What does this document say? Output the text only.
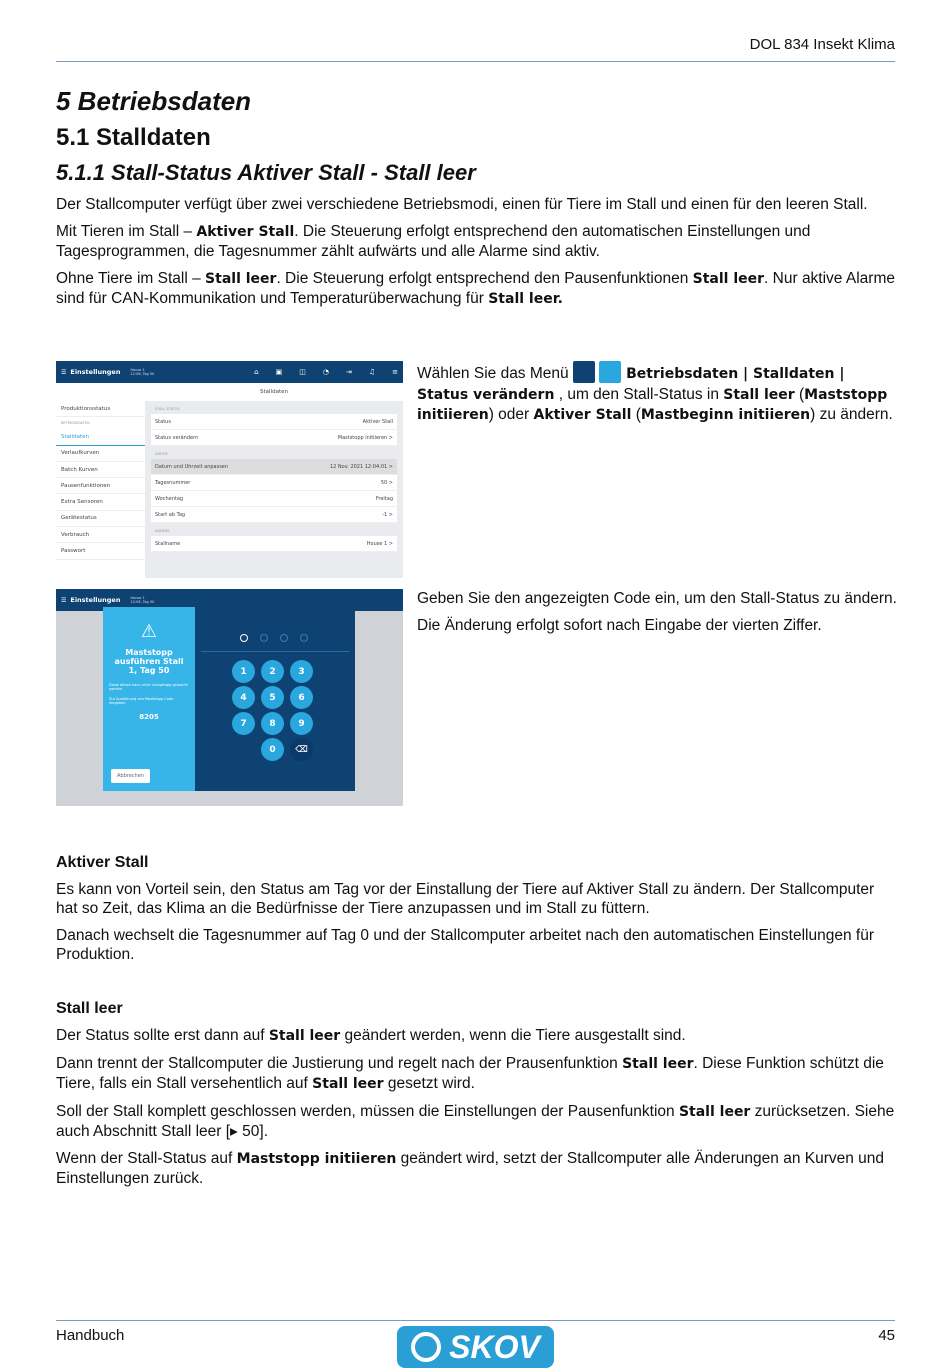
DOL 834 Insekt Klima
5 Betriebsdaten
5.1 Stalldaten
5.1.1 Stall-Status Aktiver Stall - Stall leer

Der Stallcomputer verfügt über zwei verschiedene Betriebsmodi, einen für Tiere im Stall und einen für den leeren Stall.

Mit Tieren im Stall – Aktiver Stall. Die Steuerung erfolgt entsprechend den automatischen Einstellungen und Tagesprogrammen, die Tagesnummer zählt aufwärts und alle Alarme sind aktiv.

Ohne Tiere im Stall – Stall leer. Die Steuerung erfolgt entsprechend den Pausenfunktionen Stall leer. Nur aktive Alarme sind für CAN-Kommunikation und Temperaturüberwachung für Stall leer.

☰ Einstellungen	House 1
12:06, Tag 50	⌂ ▣ ◫ ◔ ⇥ ♫ ≡
Produktionsstatus
BETRIEBSDATEN
Stalldaten
Verlaufkurven
Batch Kurven
Pausenfunktionen
Extra Sensoren
Gerätestatus
Verbrauch
Passwort
Stalldaten
STALL STATUS
Status	Aktiver Stall
Status verändern	Maststopp initiieren >
DATUM
Datum und Uhrzeit anpassen	12 Nov. 2021 12:04:01 >
Tagesnummer	50 >
Wochentag	Freitag
Start ab Tag	-1 >
ANDERE
Stallname	House 1 >
Wählen Sie das Menü	Betriebsdaten | Stalldaten | Status verändern , um den Stall-Status in Stall leer (Maststopp initiieren) oder Aktiver Stall (Mastbeginn initiieren) zu ändern.
☰ Einstellungen	House 1
12:06, Tag 50
⚠
Maststopp ausführen Stall 1, Tag 50
Diese Aktion kann nicht rückgängig gemacht werden.
Zur Ausführung von Maststopp Code eingeben.
8205
Abbrechen
1	2	3
4	5	6
7	8	9
0	⌫

Geben Sie den angezeigten Code ein, um den Stall-Status zu ändern.

Die Änderung erfolgt sofort nach Eingabe der vierten Ziffer.

Aktiver Stall

Es kann von Vorteil sein, den Status am Tag vor der Einstallung der Tiere auf Aktiver Stall zu ändern. Der Stallcomputer hat so Zeit, das Klima an die Bedürfnisse der Tiere anzupassen und im Stall zu füttern.

Danach wechselt die Tagesnummer auf Tag 0 und der Stallcomputer arbeitet nach den automatischen Einstellungen für Produktion.

Stall leer

Der Status sollte erst dann auf Stall leer geändert werden, wenn die Tiere ausgestallt sind.

Dann trennt der Stallcomputer die Justierung und regelt nach der Prausenfunktion Stall leer. Diese Funktion schützt die Tiere, falls ein Stall versehentlich auf Stall leer gesetzt wird.

Soll der Stall komplett geschlossen werden, müssen die Einstellungen der Pausenfunktion Stall leer zurücksetzen. Siehe auch Abschnitt Stall leer [▸ 50].

Wenn der Stall-Status auf Maststopp initiieren geändert wird, setzt der Stallcomputer alle Änderungen an Kurven und Einstellungen zurück.

Handbuch	45
SKOV
